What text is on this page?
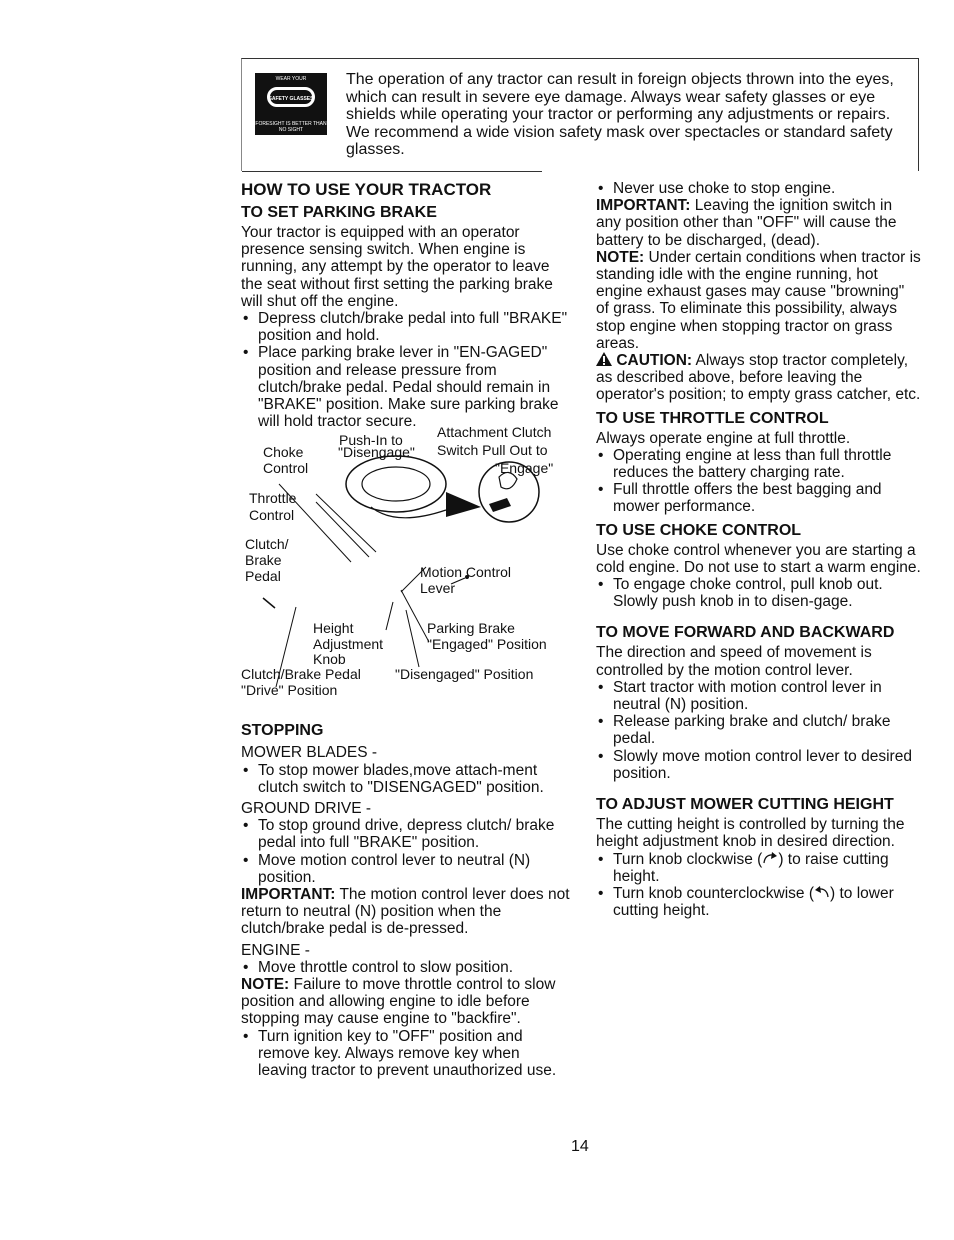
WEAR YOUR
SAFETY GLASSES
FORESIGHT IS BETTER THAN NO SIGHT

The operation of any tractor can result in foreign objects thrown into the eyes, which can result in severe eye damage. Always wear safety glasses or eye shields while operating your tractor or performing any adjustments or repairs. We recommend a wide vision safety mask over spectacles or standard safety glasses.

HOW TO USE YOUR TRACTOR
TO SET PARKING BRAKE

Your tractor is equipped with an operator presence sensing switch. When engine is running, any attempt by the operator to leave the seat without first setting the parking brake will shut off the engine.

• Depress clutch/brake pedal into full "BRAKE" position and hold.
• Place parking brake lever in "EN-GAGED" position and release pressure from clutch/brake pedal. Pedal should remain in "BRAKE" position. Make sure parking brake will hold tractor secure.
Push-In to Attachment Clutch
Choke "Disengage" Switch Pull Out to
Control	"Engage"
Throttle
Control
Clutch/
Brake
Pedal	Motion Control
Lever
Height	Parking Brake
Adjustment	"Engaged" Position
Knob
Clutch/Brake Pedal "Disengaged" Position
"Drive" Position
STOPPING

MOWER BLADES -

• To stop mower blades,move attach-ment clutch switch to "DISENGAGED" position.

GROUND DRIVE -

• To stop ground drive, depress clutch/ brake pedal into full "BRAKE" position.
• Move motion control lever to neutral (N) position.

IMPORTANT: The motion control lever does not return to neutral (N) position when the clutch/brake pedal is de-pressed.

ENGINE -

• Move throttle control to slow position.

NOTE: Failure to move throttle control to slow position and allowing engine to idle before stopping may cause engine to "backfire".

• Turn ignition key to "OFF" position and remove key. Always remove key when leaving tractor to prevent unauthorized use.
• Never use choke to stop engine.

IMPORTANT: Leaving the ignition switch in any position other than "OFF" will cause the battery to be discharged, (dead).

NOTE: Under certain conditions when tractor is standing idle with the engine running, hot engine exhaust gases may cause "browning" of grass. To eliminate this possibility, always stop engine when stopping tractor on grass areas.

CAUTION: Always stop tractor completely, as described above, before leaving the operator's position; to empty grass catcher, etc.

TO USE THROTTLE CONTROL

Always operate engine at full throttle.

• Operating engine at less than full throttle reduces the battery charging rate.
• Full throttle offers the best bagging and mower performance.
TO USE CHOKE CONTROL

Use choke control whenever you are starting a cold engine. Do not use to start a warm engine.

• To engage choke control, pull knob out. Slowly push knob in to disen-gage.
TO MOVE FORWARD AND BACKWARD

The direction and speed of movement is controlled by the motion control lever.

• Start tractor with motion control lever in neutral (N) position.
• Release parking brake and clutch/ brake pedal.
• Slowly move motion control lever to desired position.
TO ADJUST MOWER CUTTING HEIGHT

The cutting height is controlled by turning the height adjustment knob in desired direction.

• Turn knob clockwise ( ) to raise cutting height.
• Turn knob counterclockwise ( ) to lower cutting height.
14
